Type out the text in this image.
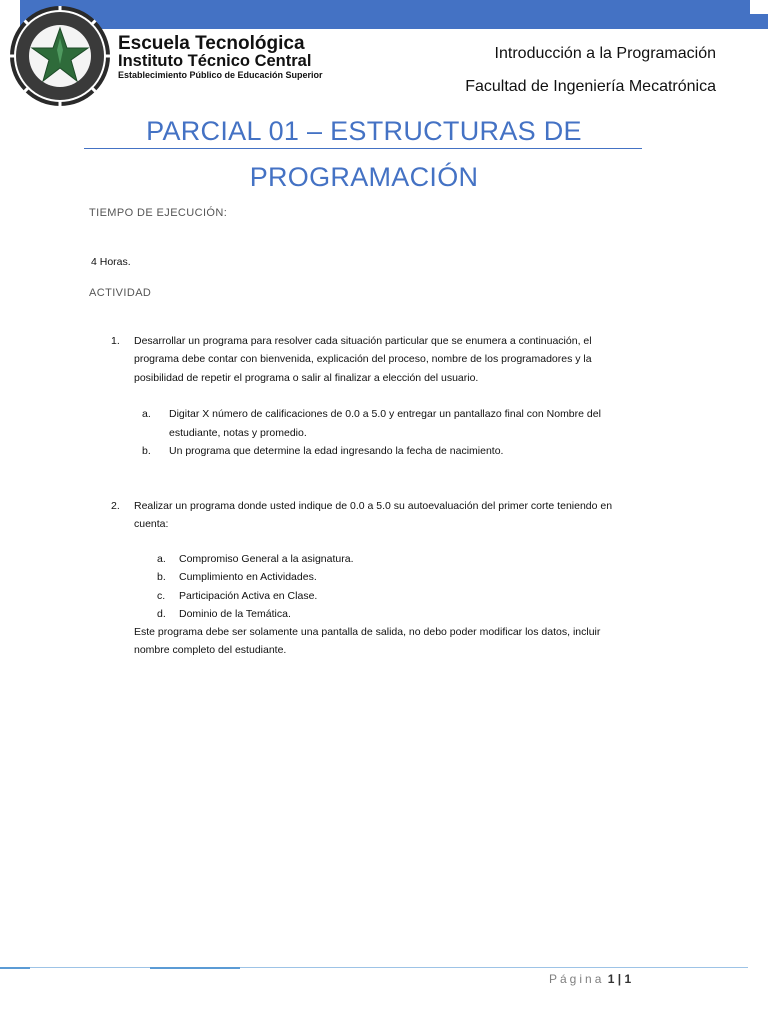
Escuela Tecnológica
Instituto Técnico Central
Establecimiento Público de Educación Superior
Introducción a la Programación
Facultad de Ingeniería Mecatrónica
PARCIAL 01 – ESTRUCTURAS DE
PROGRAMACIÓN
TIEMPO DE EJECUCIÓN:
4 Horas.
ACTIVIDAD
1. Desarrollar un programa para resolver cada situación particular que se enumera a continuación, el
programa debe contar con bienvenida, explicación del proceso, nombre de los programadores y la
posibilidad de repetir el programa o salir al finalizar a elección del usuario.
a. Digitar X número de calificaciones de 0.0 a 5.0 y entregar un pantallazo final con Nombre del
estudiante, notas y promedio.
b. Un programa que determine la edad ingresando la fecha de nacimiento.
2. Realizar un programa donde usted indique de 0.0 a 5.0 su autoevaluación del primer corte teniendo en
cuenta:
a. Compromiso General a la asignatura.
b. Cumplimiento en Actividades.
c. Participación Activa en Clase.
d. Dominio de la Temática.
Este programa debe ser solamente una pantalla de salida, no debo poder modificar los datos, incluir
nombre completo del estudiante.
Página 1 | 1
